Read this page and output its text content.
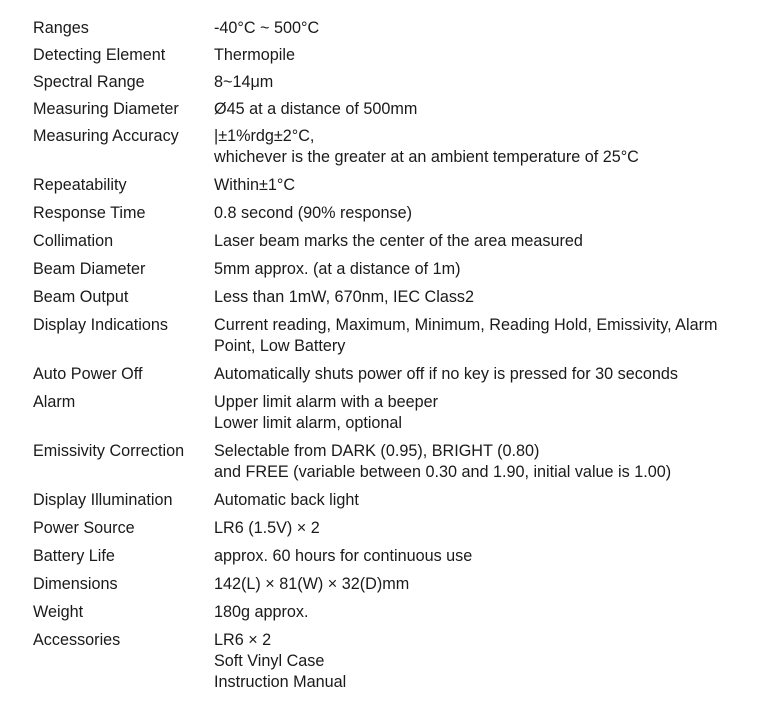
Ranges	-40°C ~ 500°C
Detecting Element	Thermopile
Spectral Range	8~14μm
Measuring Diameter	Ø45 at a distance of 500mm
Measuring Accuracy	|±1%rdg±2°C,
whichever is the greater at an ambient temperature of 25°C
Repeatability	Within±1°C
Response Time	0.8 second (90% response)
Collimation	Laser beam marks the center of the area measured
Beam Diameter	5mm approx. (at a distance of 1m)
Beam Output	Less than 1mW, 670nm, IEC Class2
Display Indications	Current reading, Maximum, Minimum, Reading Hold, Emissivity, Alarm
Point, Low Battery
Auto Power Off	Automatically shuts power off if no key is pressed for 30 seconds
Alarm	Upper limit alarm with a beeper
Lower limit alarm, optional
Emissivity Correction	Selectable from DARK (0.95), BRIGHT (0.80)
and FREE (variable between 0.30 and 1.90, initial value is 1.00)
Display Illumination	Automatic back light
Power Source	LR6 (1.5V) × 2
Battery Life	approx. 60 hours for continuous use
Dimensions	142(L) × 81(W) × 32(D)mm
Weight	180g approx.
Accessories	LR6 × 2
Soft Vinyl Case
Instruction Manual
